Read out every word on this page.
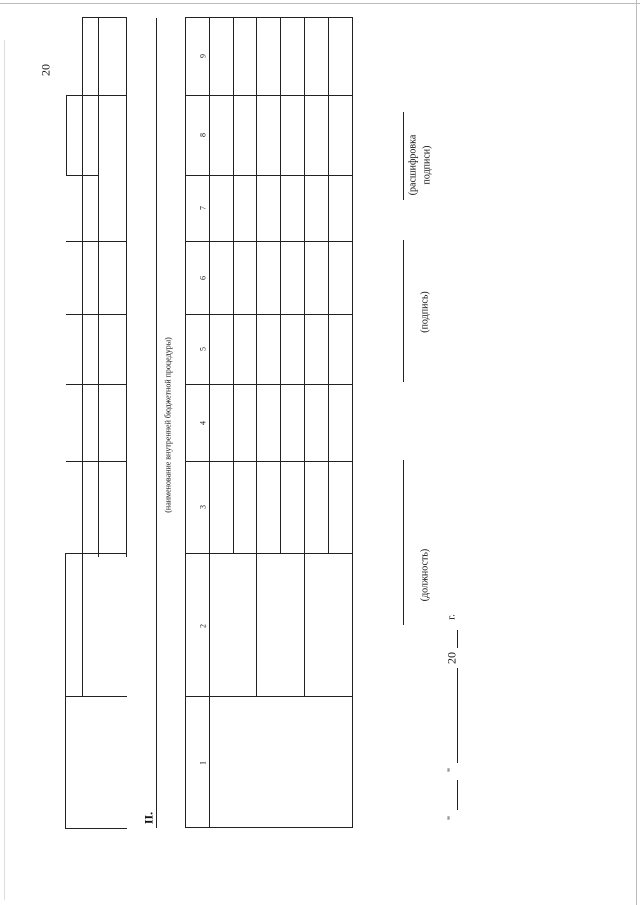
20
II.
(наименование внутренней бюджетной процедуры)
1
2
3
4
5
6
7
8
9
(должность)
(подпись)
(расшифровка подписи)
"
"
20
г.
